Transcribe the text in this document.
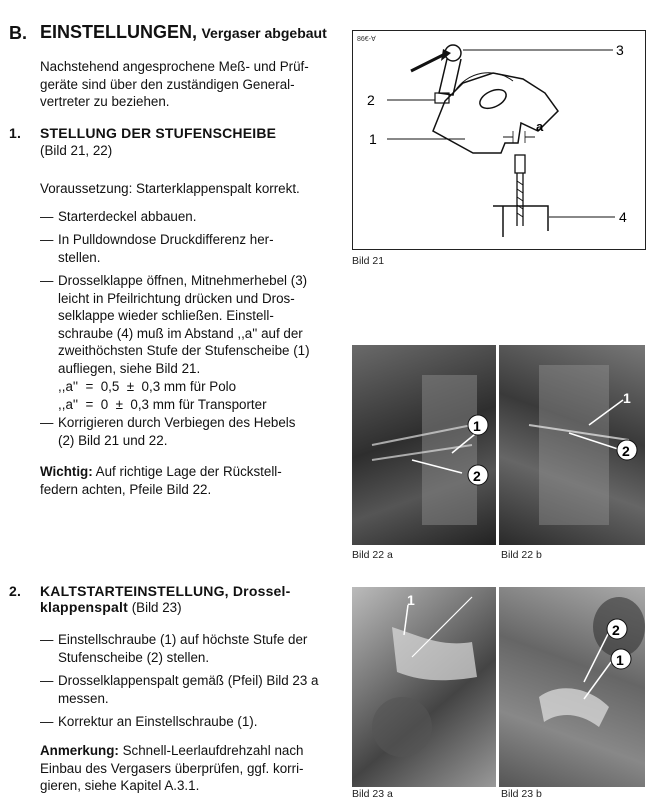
B. EINSTELLUNGEN, Vergaser abgebaut
Nachstehend angesprochene Meß- und Prüf-
geräte sind über den zuständigen General-
vertreter zu beziehen.
1. STELLUNG DER STUFENSCHEIBE
(Bild 21, 22)
Voraussetzung: Starterklappenspalt korrekt.
— Starterdeckel abbauen.
— In Pulldowndose Druckdifferenz her-
stellen.
— Drosselklappe öffnen, Mitnehmerhebel (3)
leicht in Pfeilrichtung drücken und Dros-
selklappe wieder schließen. Einstell-
schraube (4) muß im Abstand ,,a'' auf der
zweithöchsten Stufe der Stufenscheibe (1)
aufliegen, siehe Bild 21.
,,a''  =  0,5  ±  0,3 mm für Polo
,,a''  =  0  ±  0,3 mm für Transporter
— Korrigieren durch Verbiegen des Hebels
(2) Bild 21 und 22.
Wichtig: Auf richtige Lage der Rückstell-
federn achten, Pfeile Bild 22.
2. KALTSTARTEINSTELLUNG, Drossel-
klappenspalt (Bild 23)
— Einstellschraube (1) auf höchste Stufe der
Stufenscheibe (2) stellen.
— Drosselklappenspalt gemäß (Pfeil) Bild 23 a
messen.
— Korrektur an Einstellschraube (1).
Anmerkung: Schnell-Leerlaufdrehzahl nach
Einbau des Vergasers überprüfen, ggf. korri-
gieren, siehe Kapitel A.3.1.
86€-∀
3
2
1
a
4
Bild 21
1
2
Bild 22 a
1
2
Bild 22 b
1
Bild 23 a
2
1
Bild 23 b
